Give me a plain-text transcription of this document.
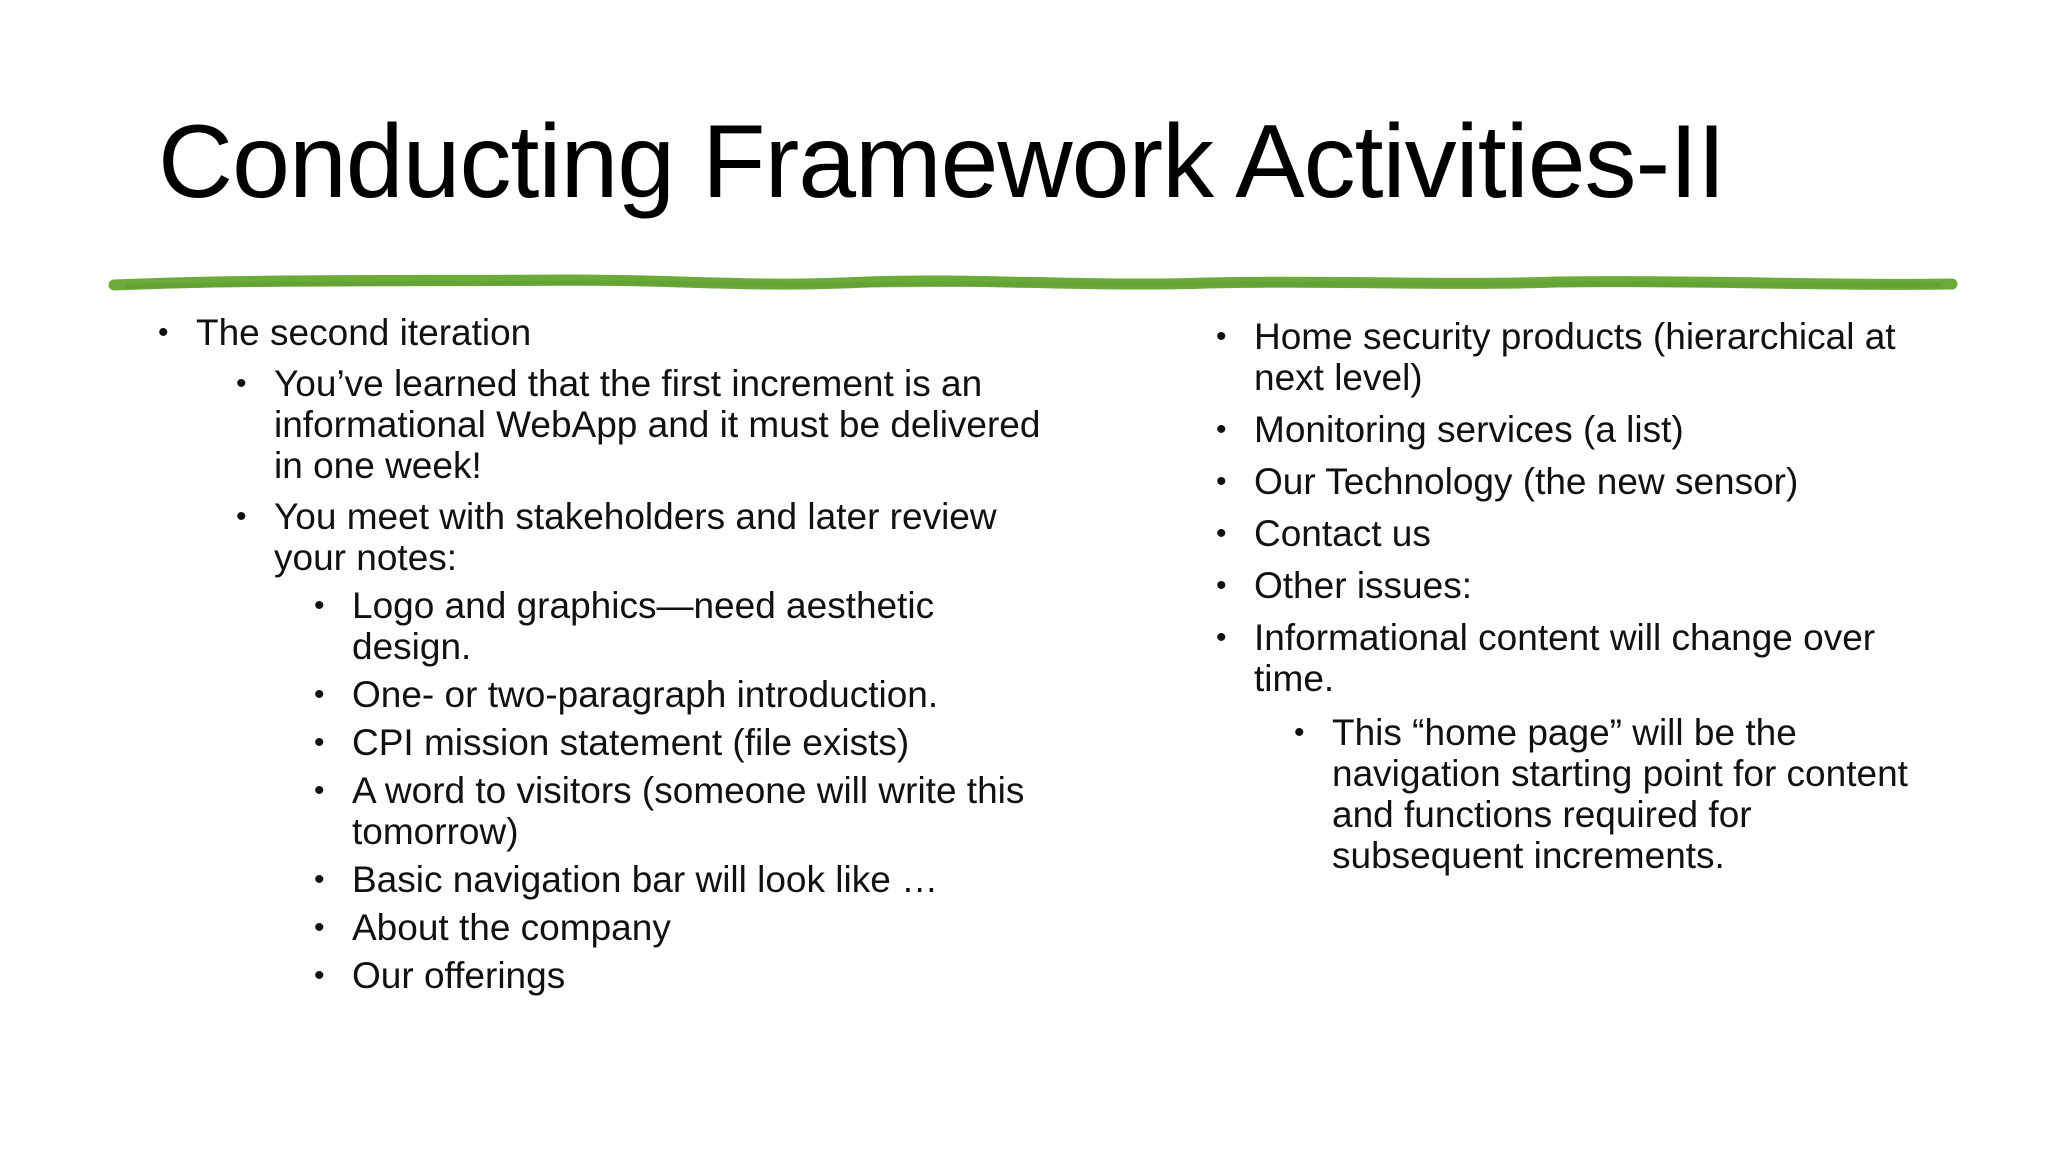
Conducting Framework Activities-II
• The second iteration
• You’ve learned that the first increment is an informational WebApp and it must be delivered in one week!
• You meet with stakeholders and later review your notes:
• Logo and graphics—need aesthetic design.
• One- or two-paragraph introduction.
• CPI mission statement (file exists)
• A word to visitors (someone will write this tomorrow)
• Basic navigation bar will look like …
• About the company
• Our offerings
• Home security products (hierarchical at next level)
• Monitoring services (a list)
• Our Technology (the new sensor)
• Contact us
• Other issues:
• Informational content will change over time.
• This “home page” will be the navigation starting point for content and functions required for subsequent increments.
